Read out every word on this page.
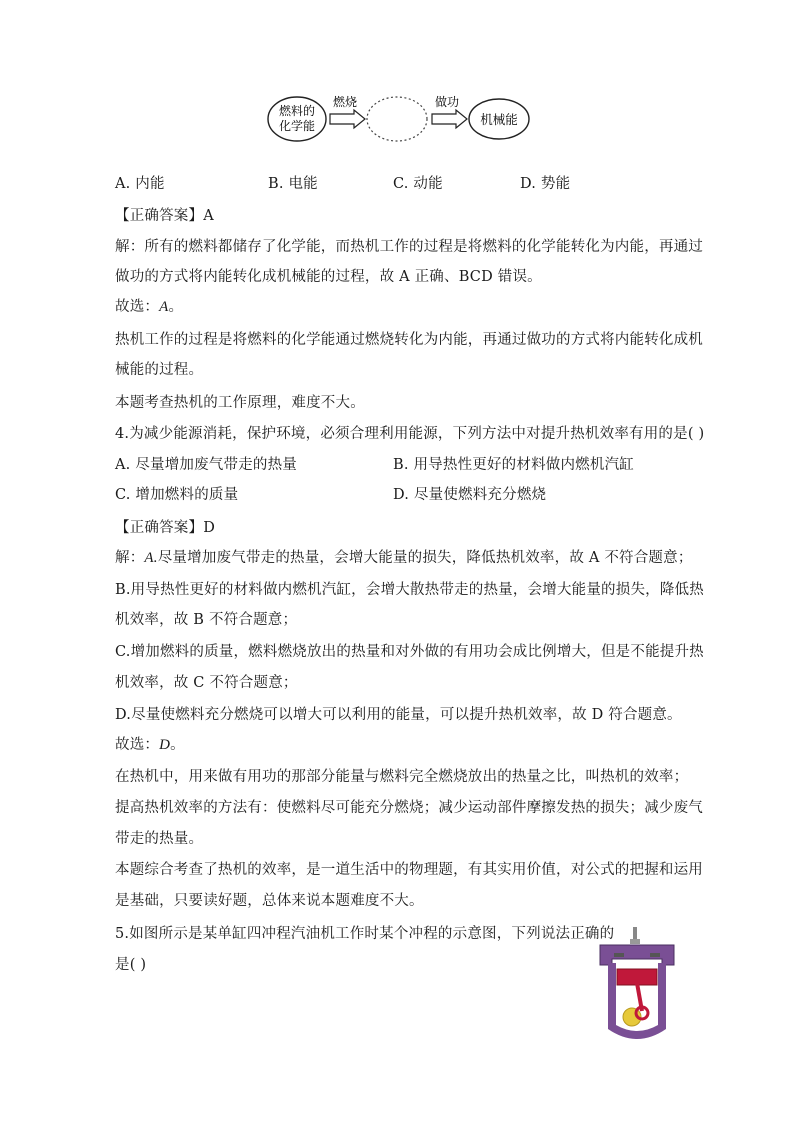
燃料的
化学能
燃烧	做功
机械能
A. 内能	B. 电能	C. 动能	D. 势能
【正确答案】A
解：所有的燃料都储存了化学能，而热机工作的过程是将燃料的化学能转化为内能，再通过
做功的方式将内能转化成机械能的过程，故 A 正确、BCD 错误。
故选：A。
热机工作的过程是将燃料的化学能通过燃烧转化为内能，再通过做功的方式将内能转化成机
械能的过程。
本题考查热机的工作原理，难度不大。
4.为减少能源消耗，保护环境，必须合理利用能源，下列方法中对提升热机效率有用的是( )
A. 尽量增加废气带走的热量	B. 用导热性更好的材料做内燃机汽缸
C. 增加燃料的质量	D. 尽量使燃料充分燃烧
【正确答案】D
解：A.尽量增加废气带走的热量，会增大能量的损失，降低热机效率，故 A 不符合题意；
B.用导热性更好的材料做内燃机汽缸，会增大散热带走的热量，会增大能量的损失，降低热
机效率，故 B 不符合题意；
C.增加燃料的质量，燃料燃烧放出的热量和对外做的有用功会成比例增大，但是不能提升热
机效率，故 C 不符合题意；
D.尽量使燃料充分燃烧可以增大可以利用的能量，可以提升热机效率，故 D 符合题意。
故选：D。
在热机中，用来做有用功的那部分能量与燃料完全燃烧放出的热量之比，叫热机的效率；
提高热机效率的方法有：使燃料尽可能充分燃烧；减少运动部件摩擦发热的损失；减少废气
带走的热量。
本题综合考查了热机的效率，是一道生活中的物理题，有其实用价值，对公式的把握和运用
是基础，只要读好题，总体来说本题难度不大。
5.如图所示是某单缸四冲程汽油机工作时某个冲程的示意图，下列说法正确的
是( )
